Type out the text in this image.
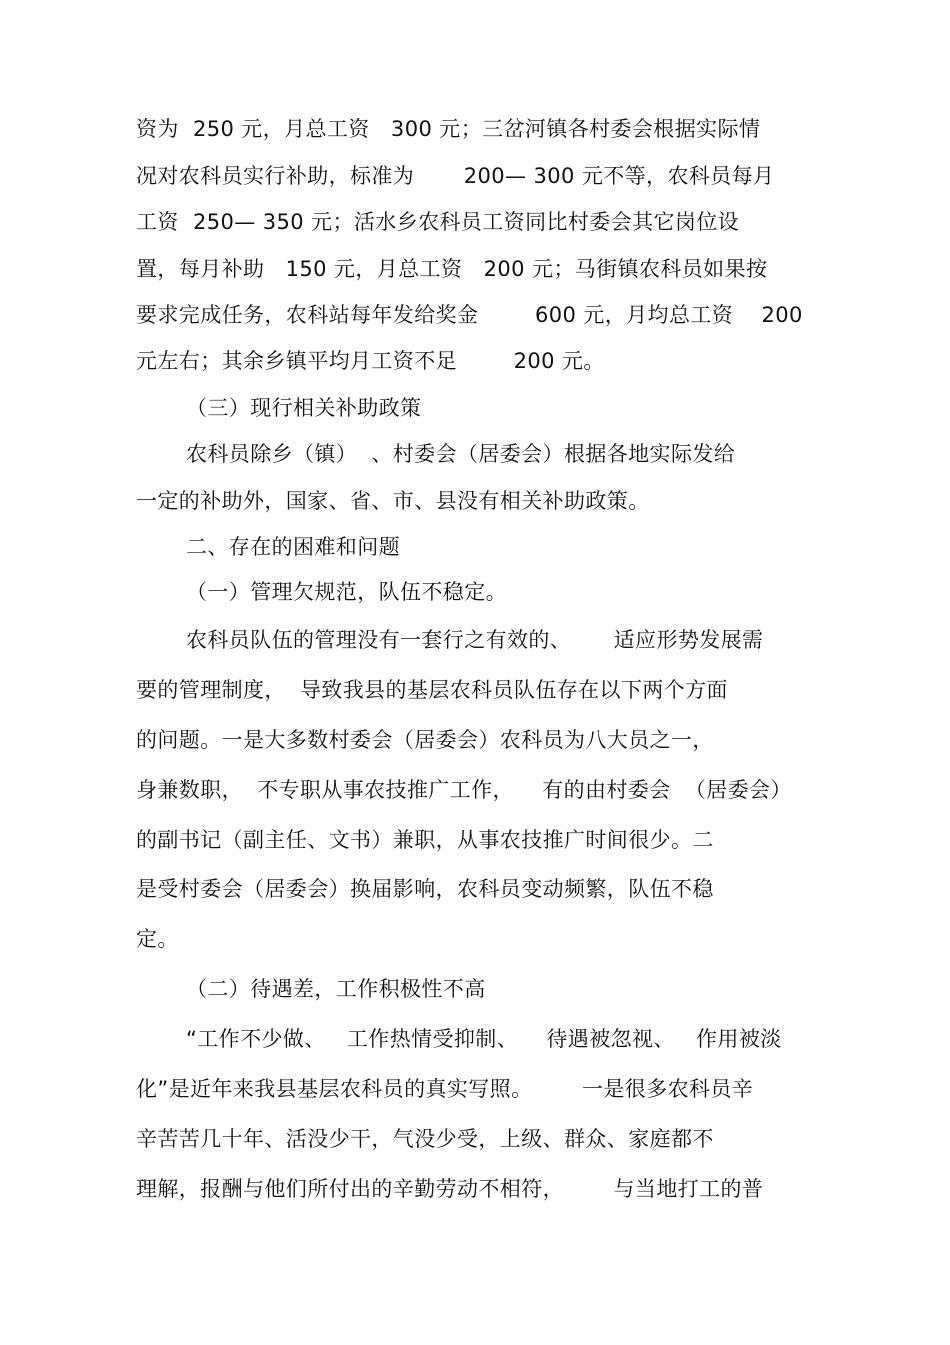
资为  250 元，月总工资   300 元；三岔河镇各村委会根据实际情
况对农科员实行补助，标准为       200— 300 元不等，农科员每月
工资  250— 350 元；活水乡农科员工资同比村委会其它岗位设
置，每月补助   150 元，月总工资   200 元；马街镇农科员如果按
要求完成任务，农科站每年发给奖金        600 元，月均总工资    200
元左右；其余乡镇平均月工资不足        200 元。
（三）现行相关补助政策
农科员除乡（镇）  、村委会（居委会）根据各地实际发给
一定的补助外，国家、省、市、县没有相关补助政策。
二、存在的困难和问题
（一）管理欠规范，队伍不稳定。
农科员队伍的管理没有一套行之有效的、      适应形势发展需
要的管理制度，  导致我县的基层农科员队伍存在以下两个方面
的问题。一是大多数村委会（居委会）农科员为八大员之一，
身兼数职，  不专职从事农技推广工作，    有的由村委会  （居委会）
的副书记（副主任、文书）兼职，从事农技推广时间很少。二
是受村委会（居委会）换届影响，农科员变动频繁，队伍不稳
定。
（二）待遇差，工作积极性不高
“工作不少做、   工作热情受抑制、    待遇被忽视、   作用被淡
化”是近年来我县基层农科员的真实写照。       一是很多农科员辛
辛苦苦几十年、活没少干，气没少受，上级、群众、家庭都不
理解，报酬与他们所付出的辛勤劳动不相符，       与当地打工的普
